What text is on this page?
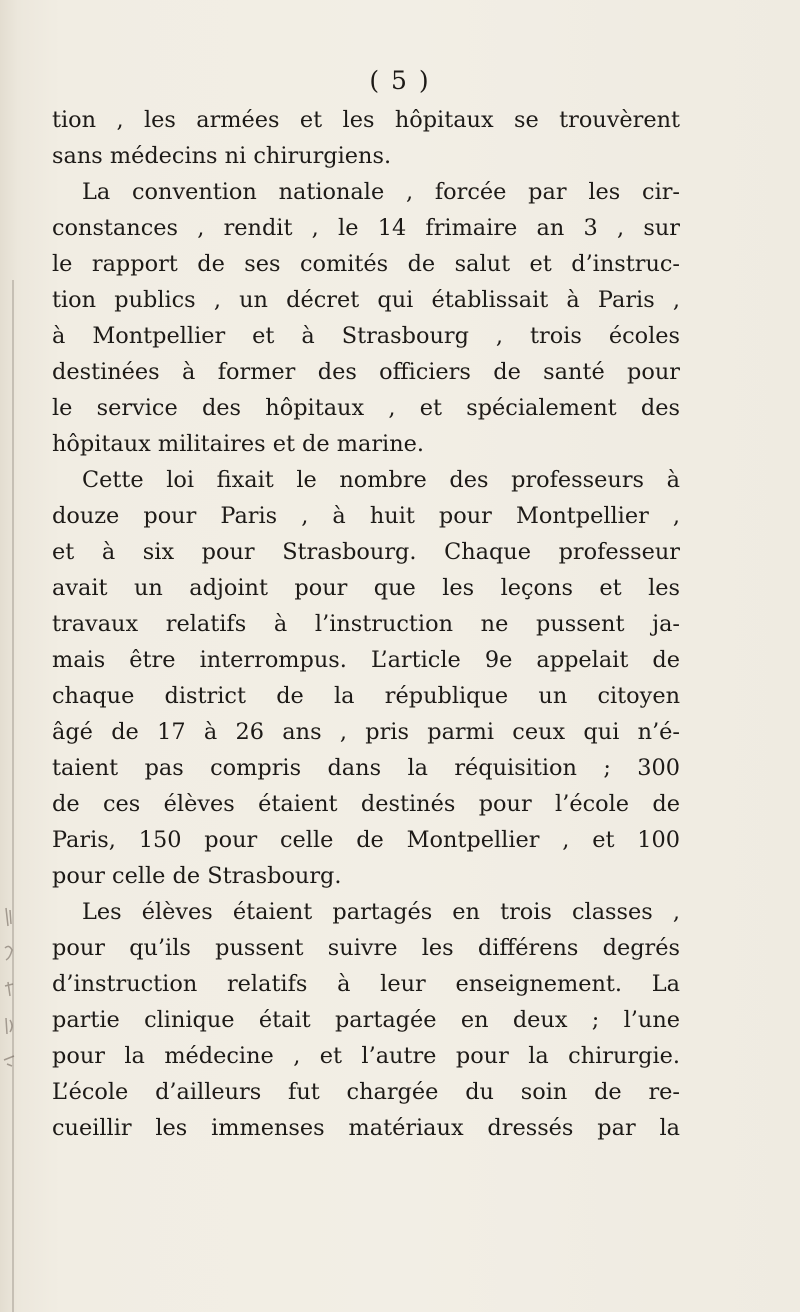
( 5 )
tion , les armées et les hôpitaux se trouvèrent
sans médecins ni chirurgiens.
La convention nationale , forcée par les cir-
constances , rendit , le 14 frimaire an 3 , sur
le rapport de ses comités de salut et d’instruc-
tion publics , un décret qui établissait à Paris ,
à Montpellier et à Strasbourg , trois écoles
destinées à former des officiers de santé pour
le service des hôpitaux , et spécialement des
hôpitaux militaires et de marine.
Cette loi fixait le nombre des professeurs à
douze pour Paris , à huit pour Montpellier ,
et à six pour Strasbourg. Chaque professeur
avait un adjoint pour que les leçons et les
travaux relatifs à l’instruction ne pussent ja-
mais être interrompus. L’article 9e appelait de
chaque district de la république un citoyen
âgé de 17 à 26 ans , pris parmi ceux qui n’é-
taient pas compris dans la réquisition ; 300
de ces élèves étaient destinés pour l’école de
Paris, 150 pour celle de Montpellier , et 100
pour celle de Strasbourg.
Les élèves étaient partagés en trois classes ,
pour qu’ils pussent suivre les différens degrés
d’instruction relatifs à leur enseignement. La
partie clinique était partagée en deux ; l’une
pour la médecine , et l’autre pour la chirurgie.
L’école d’ailleurs fut chargée du soin de re-
cueillir les immenses matériaux dressés par la
